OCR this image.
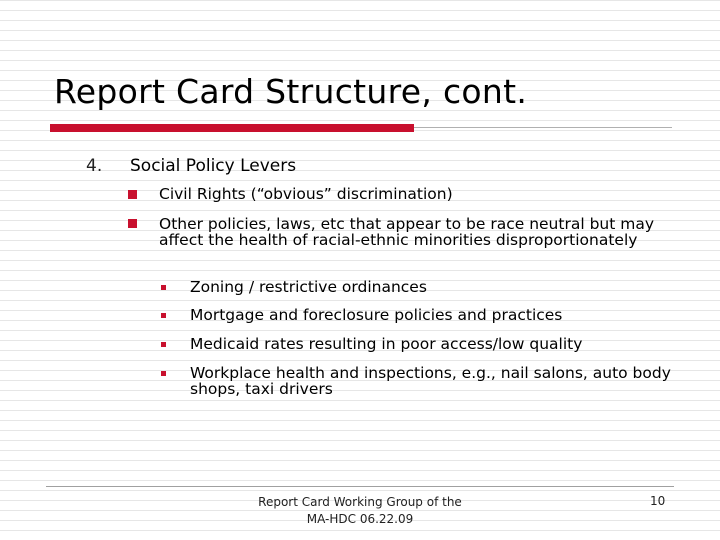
Report Card Structure, cont.
4. Social Policy Levers
Civil Rights (“obvious” discrimination)
Other policies, laws, etc that appear to be race neutral but may affect the health of racial-ethnic minorities disproportionately
Zoning / restrictive ordinances
Mortgage and foreclosure policies and practices
Medicaid rates resulting in poor access/low quality
Workplace health and inspections, e.g., nail salons, auto body shops, taxi drivers
Report Card Working Group of the MA-HDC 06.22.09
10
